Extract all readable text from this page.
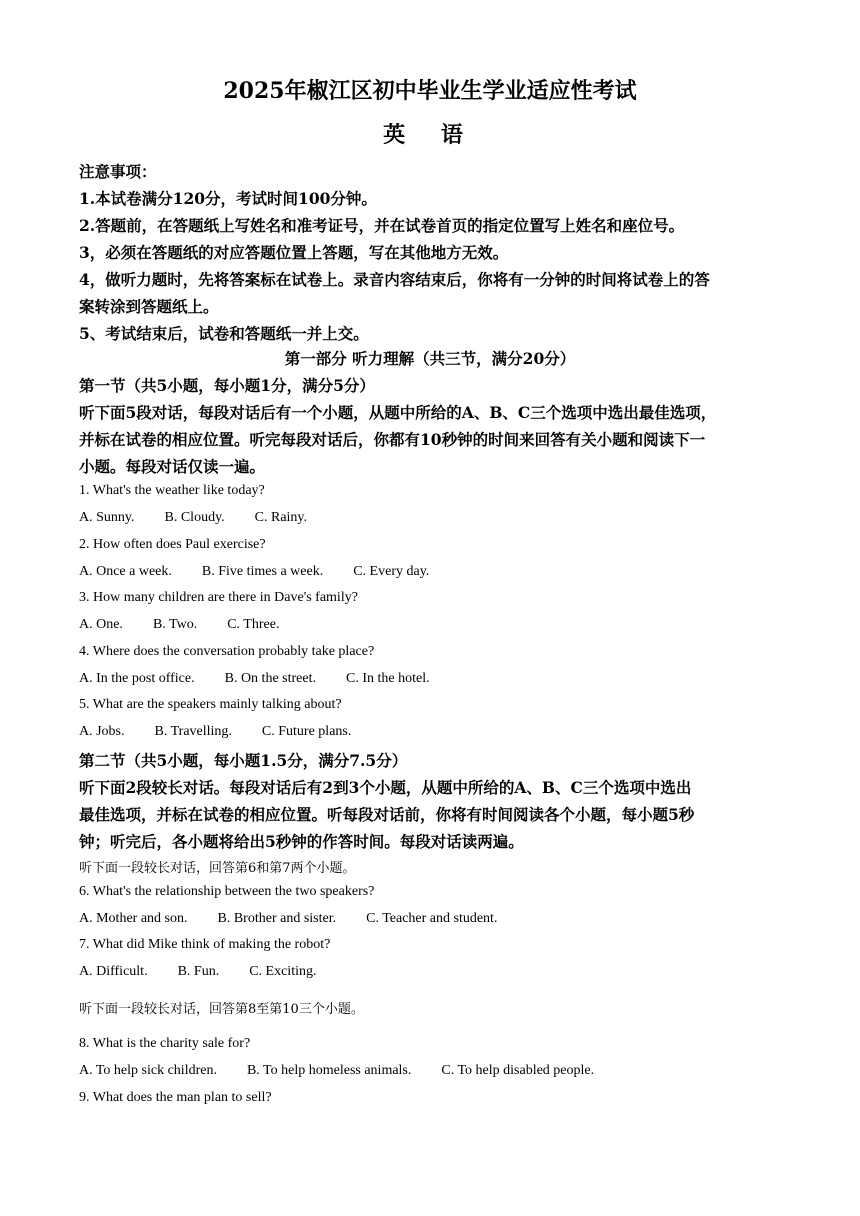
2025年椒江区初中毕业生学业适应性考试
英 语
注意事项：
1.本试卷满分120分，考试时间100分钟。
2.答题前，在答题纸上写姓名和准考证号，并在试卷首页的指定位置写上姓名和座位号。
3，必须在答题纸的对应答题位置上答题，写在其他地方无效。
4，做听力题时，先将答案标在试卷上。录音内容结束后，你将有一分钟的时间将试卷上的答
案转涂到答题纸上。
5、考试结束后，试卷和答题纸一并上交。
第一部分 听力理解（共三节，满分20分）
第一节（共5小题，每小题1分，满分5分）
听下面5段对话，每段对话后有一个小题，从题中所给的A、B、C三个选项中选出最佳选项，
并标在试卷的相应位置。听完每段对话后，你都有10秒钟的时间来回答有关小题和阅读下一
小题。每段对话仅读一遍。
1. What's the weather like today?
A. Sunny. B. Cloudy. C. Rainy.
2. How often does Paul exercise?
A. Once a week. B. Five times a week. C. Every day.
3. How many children are there in Dave's family?
A. One. B. Two. C. Three.
4. Where does the conversation probably take place?
A. In the post office. B. On the street. C. In the hotel.
5. What are the speakers mainly talking about?
A. Jobs. B. Travelling. C. Future plans.
第二节（共5小题，每小题1.5分，满分7.5分）
听下面2段较长对话。每段对话后有2到3个小题，从题中所给的A、B、C三个选项中选出
最佳选项，并标在试卷的相应位置。听每段对话前，你将有时间阅读各个小题，每小题5秒
钟；听完后，各小题将给出5秒钟的作答时间。每段对话读两遍。
听下面一段较长对话，回答第6和第7两个小题。
6. What's the relationship between the two speakers?
A. Mother and son. B. Brother and sister. C. Teacher and student.
7. What did Mike think of making the robot?
A. Difficult. B. Fun. C. Exciting.
听下面一段较长对话，回答第8至第10三个小题。
8. What is the charity sale for?
A. To help sick children. B. To help homeless animals. C. To help disabled people.
9. What does the man plan to sell?
